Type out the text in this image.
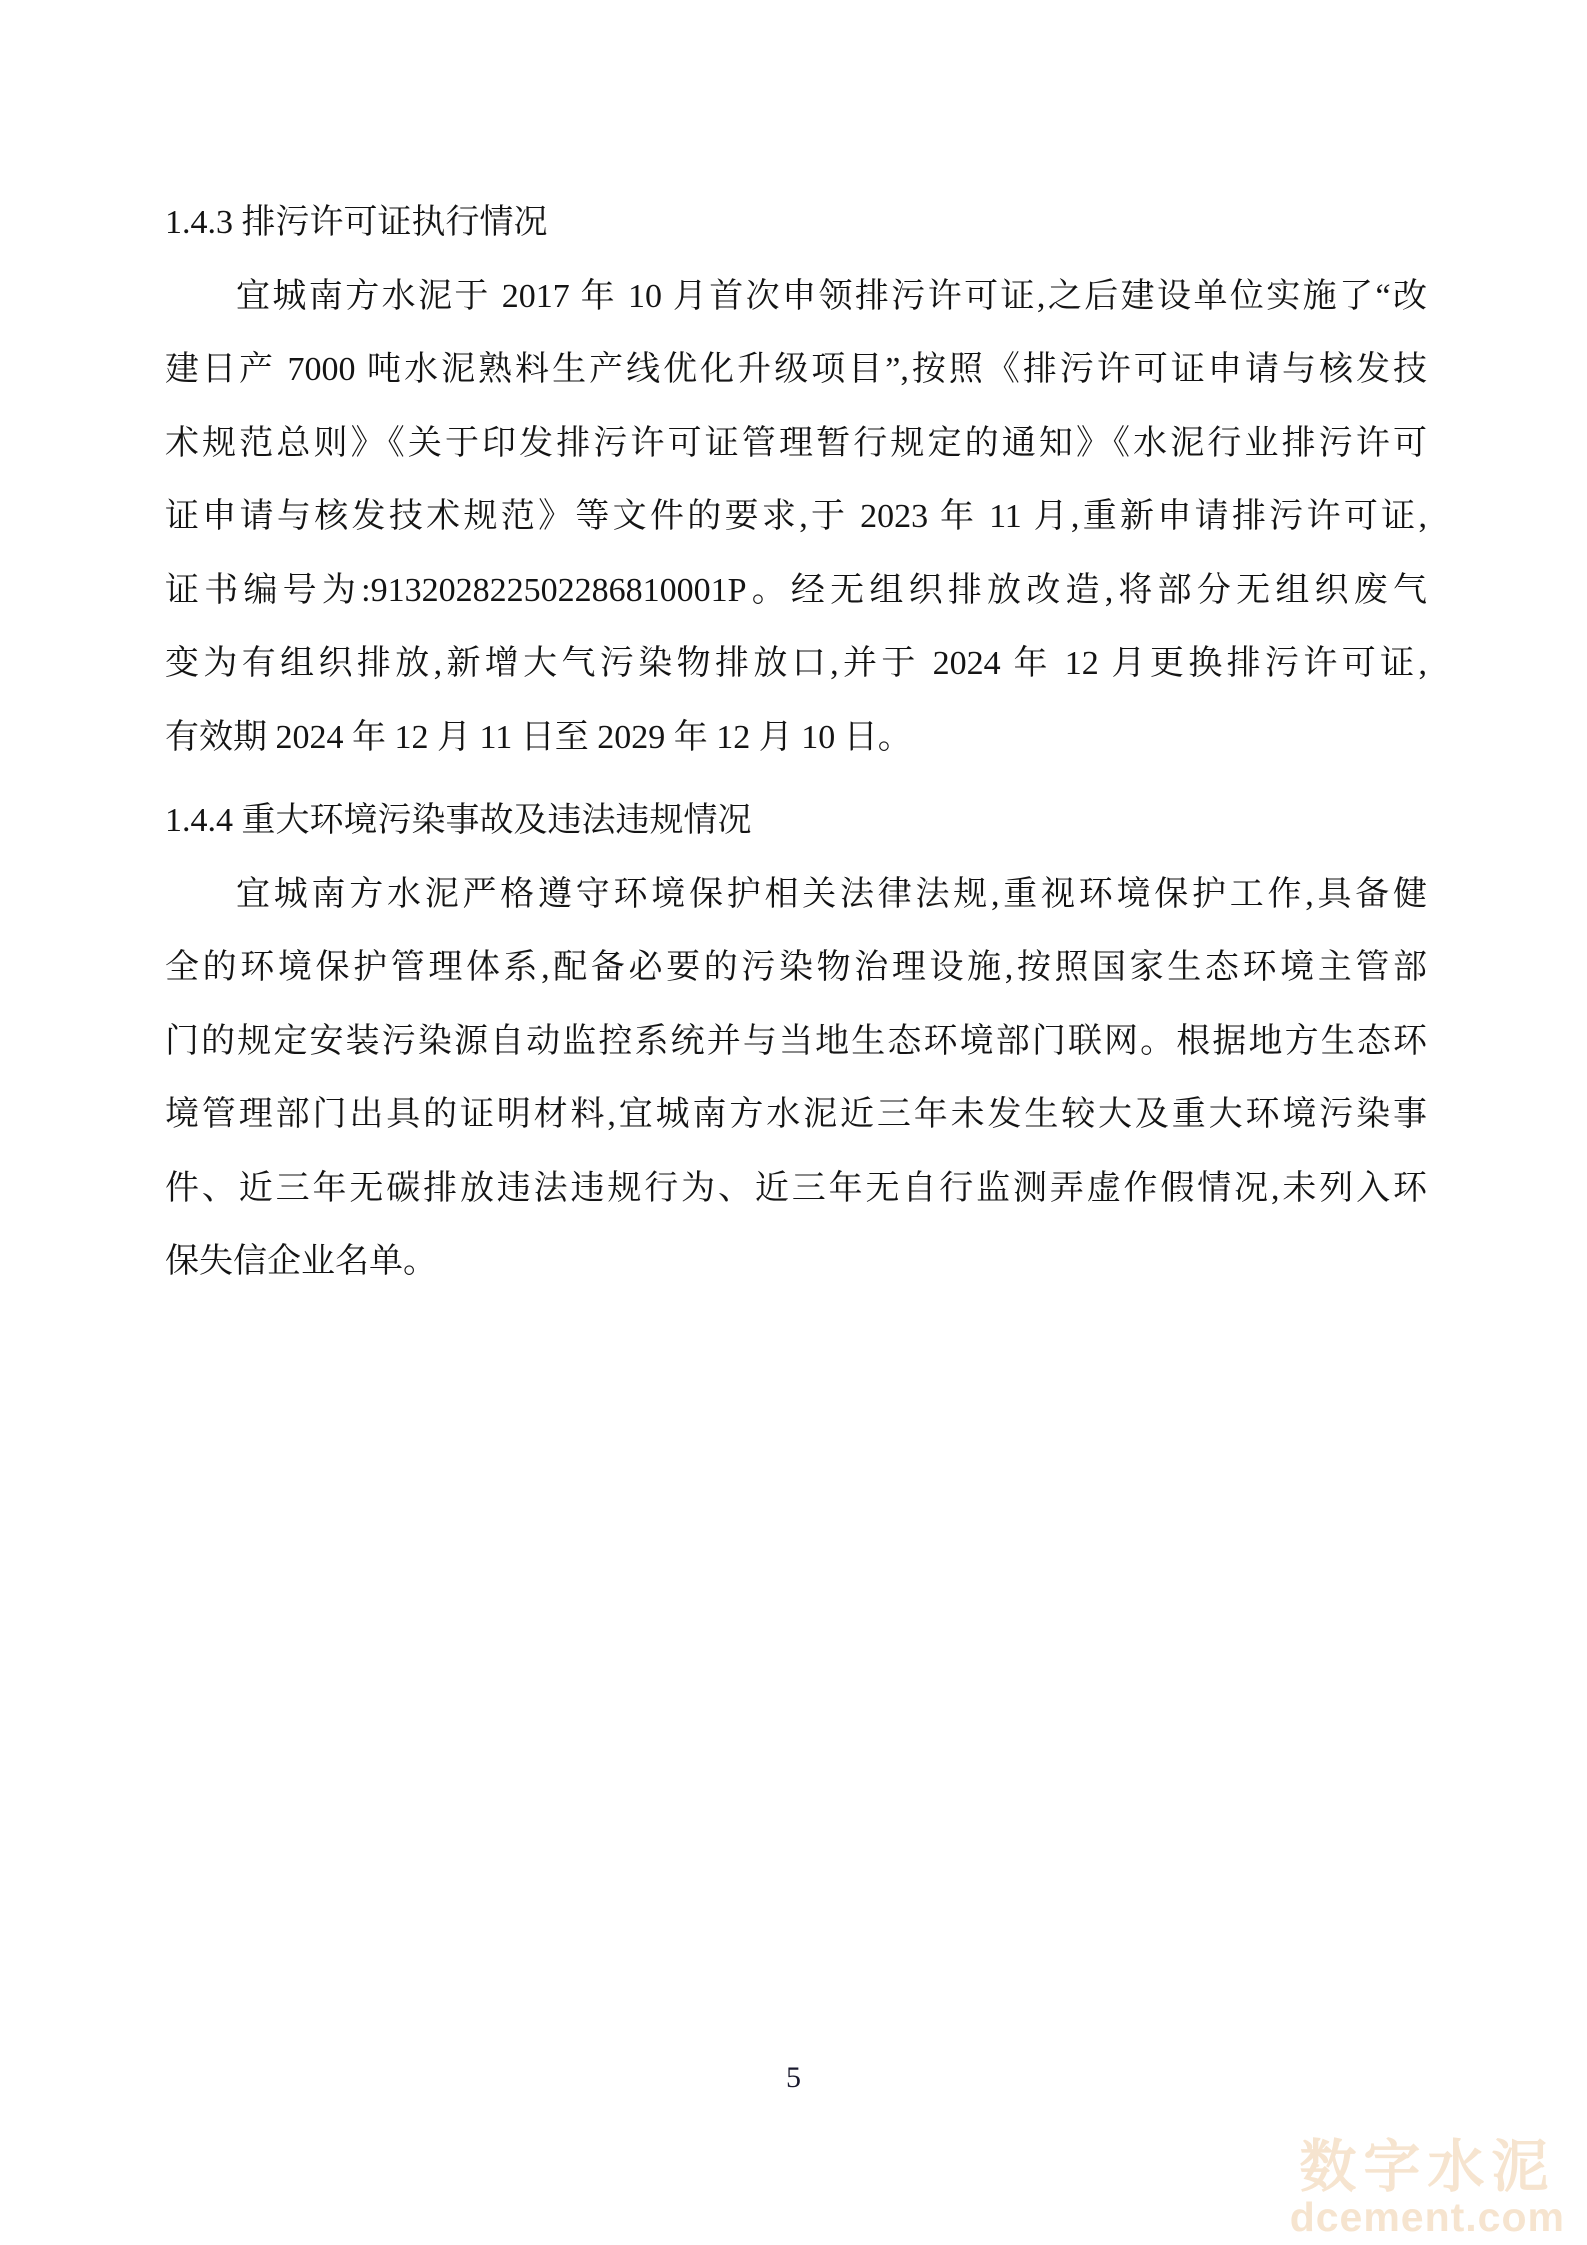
1.4.3 排污许可证执行情况
宜城南方水泥于 2017 年 10 月首次申领排污许可证,之后建设单位实施了“改
建日产 7000 吨水泥熟料生产线优化升级项目”,按照《排污许可证申请与核发技
术规范总则》《关于印发排污许可证管理暂行规定的通知》《水泥行业排污许可
证申请与核发技术规范》等文件的要求,于 2023 年 11 月,重新申请排污许可证,
证书编号为:913202822502286810001P。经无组织排放改造,将部分无组织废气
变为有组织排放,新增大气污染物排放口,并于 2024 年 12 月更换排污许可证,
有效期 2024 年 12 月 11 日至 2029 年 12 月 10 日。
1.4.4 重大环境污染事故及违法违规情况
宜城南方水泥严格遵守环境保护相关法律法规,重视环境保护工作,具备健
全的环境保护管理体系,配备必要的污染物治理设施,按照国家生态环境主管部
门的规定安装污染源自动监控系统并与当地生态环境部门联网。根据地方生态环
境管理部门出具的证明材料,宜城南方水泥近三年未发生较大及重大环境污染事
件、近三年无碳排放违法违规行为、近三年无自行监测弄虚作假情况,未列入环
保失信企业名单。
5
数字水泥
dcement.com
